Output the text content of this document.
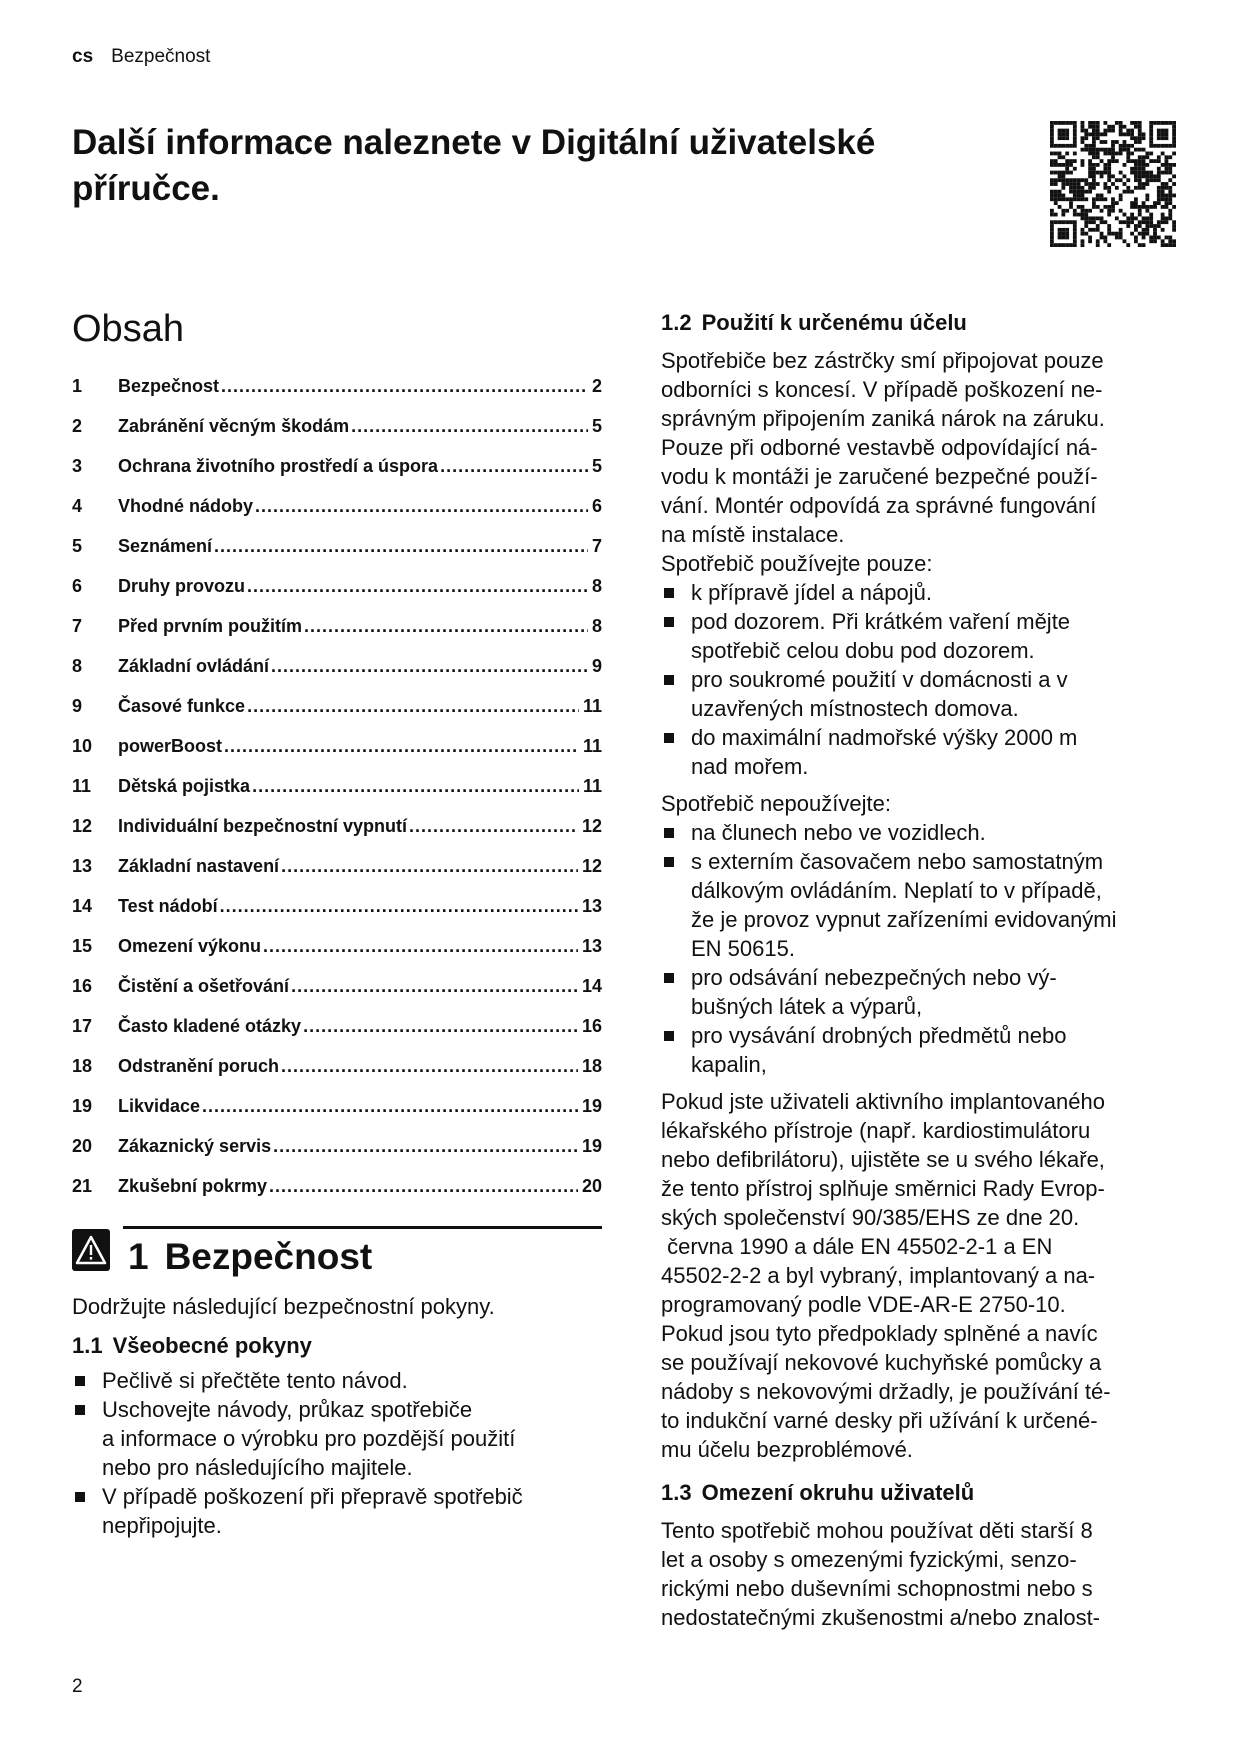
cs Bezpečnost
Další informace naleznete v Digitální uživatelské
příručce.
Obsah
1	Bezpečnost .....	2
2	Zabránění věcným škodám .....	5
3	Ochrana životního prostředí a úspora .....	5
4	Vhodné nádoby .....	6
5	Seznámení .....	7
6	Druhy provozu .....	8
7	Před prvním použitím .....	8
8	Základní ovládání .....	9
9	Časové funkce .....	11
10	powerBoost .....	11
11	Dětská pojistka .....	11
12	Individuální bezpečnostní vypnutí .....	12
13	Základní nastavení .....	12
14	Test nádobí .....	13
15	Omezení výkonu .....	13
16	Čistění a ošetřování .....	14
17	Často kladené otázky .....	16
18	Odstranění poruch .....	18
19	Likvidace .....	19
20	Zákaznický servis .....	19
21	Zkušební pokrmy .....	20
1 Bezpečnost
Dodržujte následující bezpečnostní pokyny.
1.1 Všeobecné pokyny
Pečlivě si přečtěte tento návod.
Uschovejte návody, průkaz spotřebiče
a informace o výrobku pro pozdější použití
nebo pro následujícího majitele.
V případě poškození při přepravě spotřebič
nepřipojujte.
1.2 Použití k určenému účelu
Spotřebiče bez zástrčky smí připojovat pouze
odborníci s koncesí. V případě poškození ne-
správným připojením zaniká nárok na záruku.
Pouze při odborné vestavbě odpovídající ná-
vodu k montáži je zaručené bezpečné použí-
vání. Montér odpovídá za správné fungování
na místě instalace.
Spotřebič používejte pouze:
k přípravě jídel a nápojů.
pod dozorem. Při krátkém vaření mějte
spotřebič celou dobu pod dozorem.
pro soukromé použití v domácnosti a v
uzavřených místnostech domova.
do maximální nadmořské výšky 2000 m
nad mořem.
Spotřebič nepoužívejte:
na člunech nebo ve vozidlech.
s externím časovačem nebo samostatným
dálkovým ovládáním. Neplatí to v případě,
že je provoz vypnut zařízeními evidovanými
EN 50615.
pro odsávání nebezpečných nebo vý-
bušných látek a výparů,
pro vysávání drobných předmětů nebo
kapalin,
Pokud jste uživateli aktivního implantovaného
lékařského přístroje (např. kardiostimulátoru
nebo defibrilátoru), ujistěte se u svého lékaře,
že tento přístroj splňuje směrnici Rady Evrop-
ských společenství 90/385/EHS ze dne 20.
června 1990 a dále EN 45502-2-1 a EN
45502-2-2 a byl vybraný, implantovaný a na-
programovaný podle VDE-AR-E 2750-10.
Pokud jsou tyto předpoklady splněné a navíc
se používají nekovové kuchyňské pomůcky a
nádoby s nekovovými držadly, je používání té-
to indukční varné desky při užívání k určené-
mu účelu bezproblémové.
1.3 Omezení okruhu uživatelů
Tento spotřebič mohou používat děti starší 8
let a osoby s omezenými fyzickými, senzo-
rickými nebo duševními schopnostmi nebo s
nedostatečnými zkušenostmi a/nebo znalost-
2
